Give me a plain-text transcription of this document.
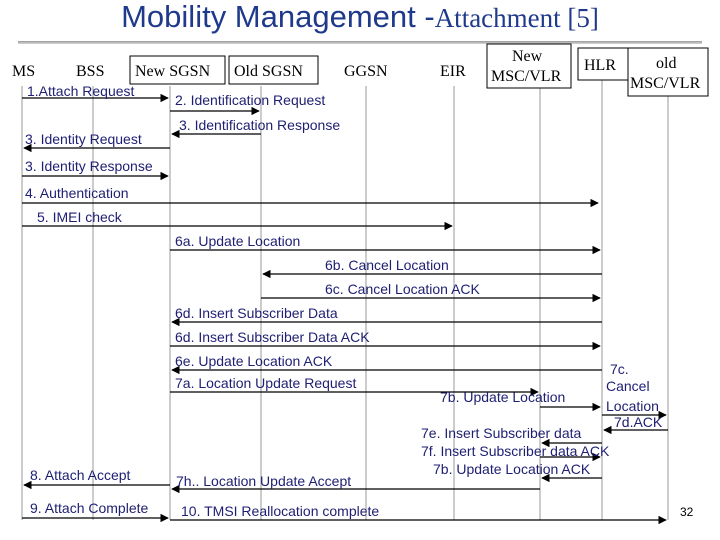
Mobility Management -Attachment [5]
MS	BSS New SGSN Old SGSN	GGSN	EIR
New
MSC/VLR
HLR	old
MSC/VLR
1.Attach Request
2. Identification Request
3. Identification Response
3. Identity Request
3. Identity Response
4. Authentication
5. IMEI check
6a. Update Location
6b. Cancel Location
6c. Cancel Location ACK
6d. Insert Subscriber Data
6d. Insert Subscriber Data ACK
6e. Update Location ACK
7a. Location Update Request
7b. Update Location
7c.
Cancel
Location
7d.ACK
7e. Insert Subscriber data
7f. Insert Subscriber data ACK
7b. Update Location ACK
8. Attach Accept	7h.. Location Update Accept
9. Attach Complete 10. TMSI Reallocation complete	32
